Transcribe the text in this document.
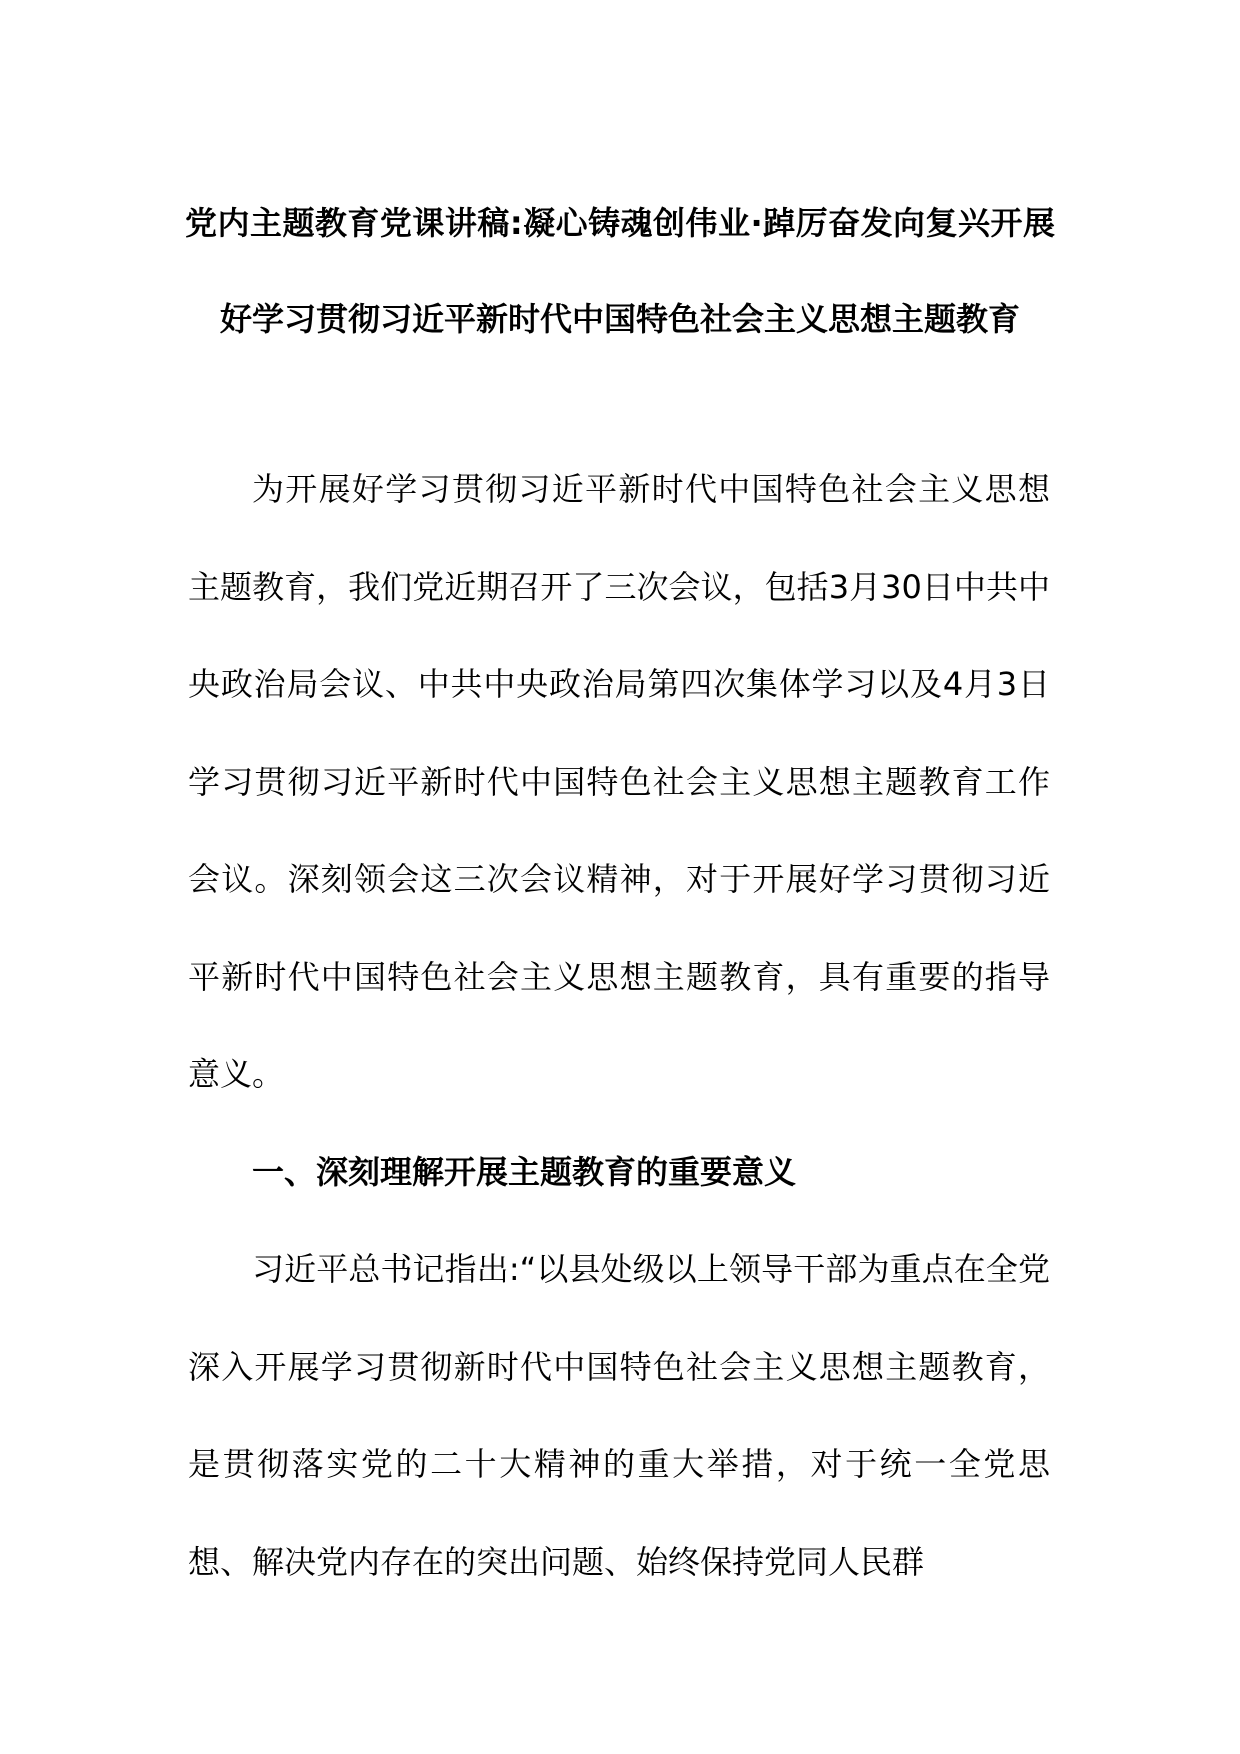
党内主题教育党课讲稿:凝心铸魂创伟业·踔厉奋发向复兴开展好学习贯彻习近平新时代中国特色社会主义思想主题教育

为开展好学习贯彻习近平新时代中国特色社会主义思想主题教育，我们党近期召开了三次会议，包括3月30日中共中央政治局会议、中共中央政治局第四次集体学习以及4月3日学习贯彻习近平新时代中国特色社会主义思想主题教育工作会议。深刻领会这三次会议精神，对于开展好学习贯彻习近平新时代中国特色社会主义思想主题教育，具有重要的指导意义。

一、深刻理解开展主题教育的重要意义

习近平总书记指出:“以县处级以上领导干部为重点在全党深入开展学习贯彻新时代中国特色社会主义思想主题教育，是贯彻落实党的二十大精神的重大举措，对于统一全党思想、解决党内存在的突出问题、始终保持党同人民群
